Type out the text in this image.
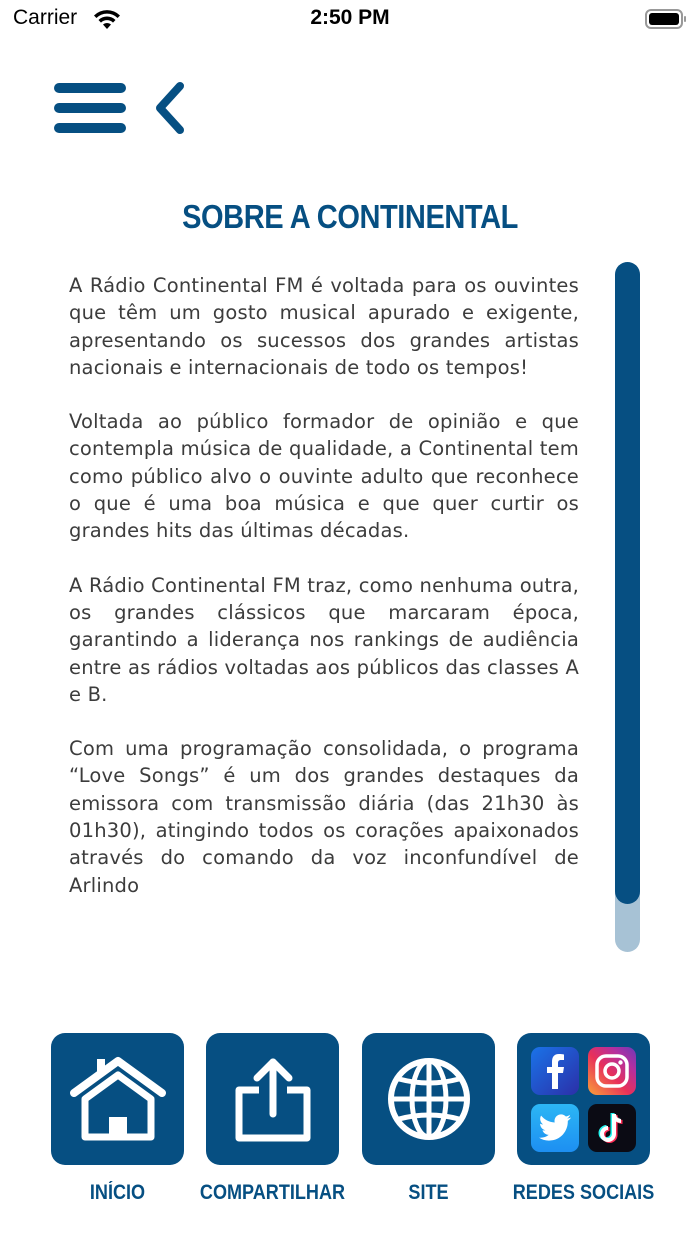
Carrier	2:50 PM
SOBRE A CONTINENTAL

A Rádio Continental FM é voltada para os ouvintes que têm um gosto musical apurado e exigente, apresentando os sucessos dos grandes artistas nacionais e internacionais de todo os tempos!

Voltada ao público formador de opinião e que contempla música de qualidade, a Continental tem como público alvo o ouvinte adulto que reconhece o que é uma boa música e que quer curtir os grandes hits das últimas décadas.

A Rádio Continental FM traz, como nenhuma outra, os grandes clássicos que marcaram época, garantindo a liderança nos rankings de audiência entre as rádios voltadas aos públicos das classes A e B.

Com uma programação consolidada, o programa “Love Songs” é um dos grandes destaques da emissora com transmissão diária (das 21h30 às 01h30), atingindo todos os corações apaixonados através do comando da voz inconfundível de Arlindo

INÍCIO	COMPARTILHAR	SITE	REDES SOCIAIS
